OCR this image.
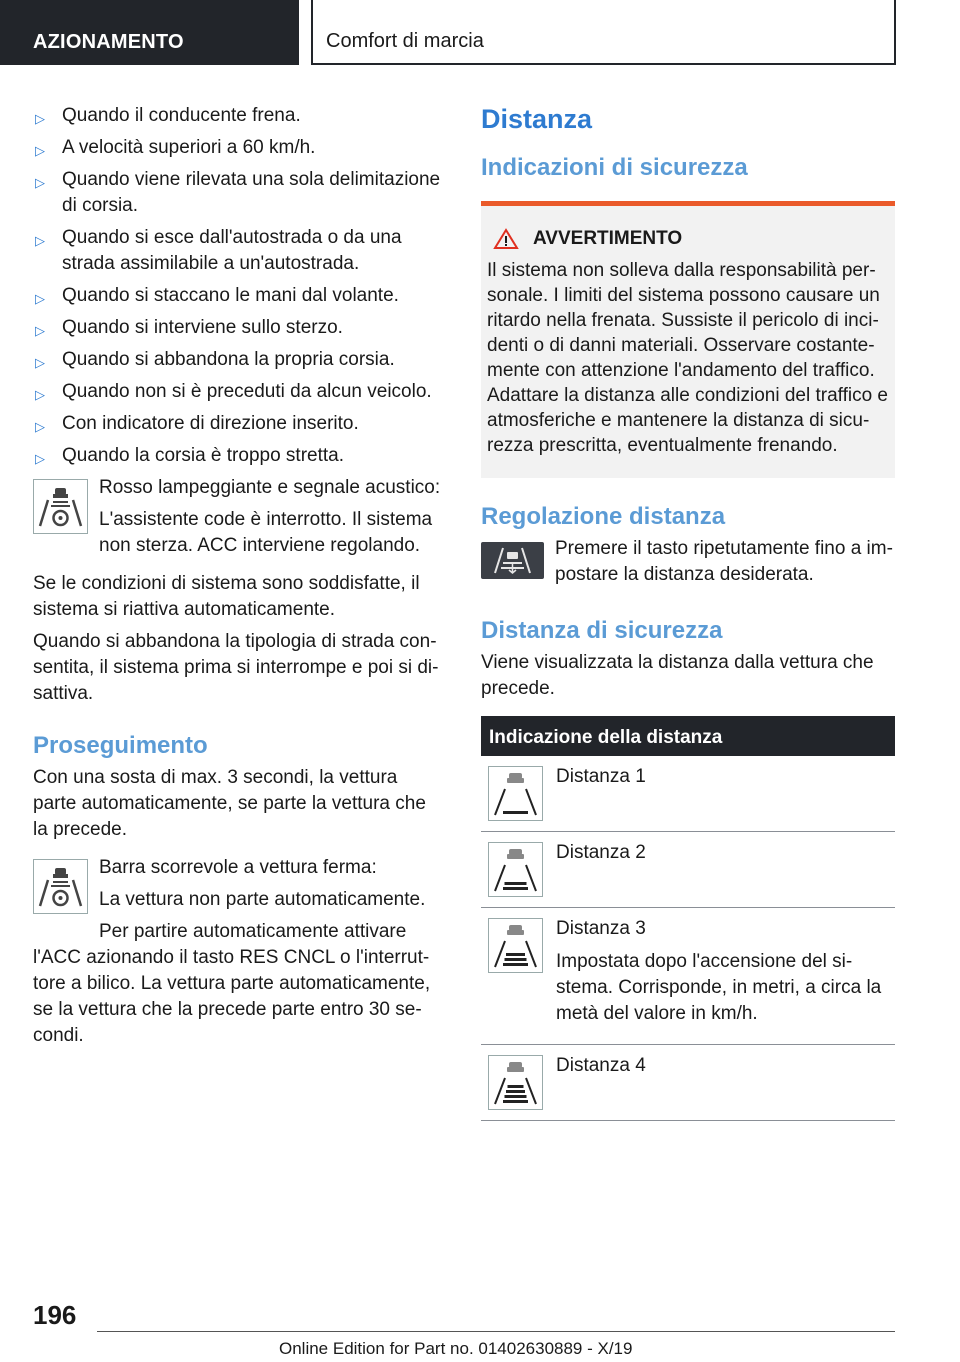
AZIONAMENTO	Comfort di marcia
▷ Quando il conducente frena.
▷ A velocità superiori a 60 km/h.
▷ Quando viene rilevata una sola delimitazione di corsia.
▷ Quando si esce dall'autostrada o da una strada assimilabile a un'autostrada.
▷ Quando si staccano le mani dal volante.
▷ Quando si interviene sullo sterzo.
▷ Quando si abbandona la propria corsia.
▷ Quando non si è preceduti da alcun veicolo.
▷ Con indicatore di direzione inserito.
▷ Quando la corsia è troppo stretta.

Rosso lampeggiante e segnale acustico:

L'assistente code è interrotto. Il sistema non sterza. ACC interviene regolando.

Se le condizioni di sistema sono soddisfatte, il sistema si riattiva automaticamente.

Quando si abbandona la tipologia di strada consentita, il sistema prima si interrompe e poi si disattiva.

Proseguimento

Con una sosta di max. 3 secondi, la vettura parte automaticamente, se parte la vettura che la precede.

Barra scorrevole a vettura ferma:

La vettura non parte automaticamente.

Per partire automaticamente attivare

l'ACC azionando il tasto RES CNCL o l'interruttore a bilico. La vettura parte automaticamente, se la vettura che la precede parte entro 30 secondi.

Distanza
Indicazioni di sicurezza
AVVERTIMENTO
Il sistema non solleva dalla responsabilità personale. I limiti del sistema possono causare un ritardo nella frenata. Sussiste il pericolo di incidenti o di danni materiali. Osservare costantemente con attenzione l'andamento del traffico. Adattare la distanza alle condizioni del traffico e atmosferiche e mantenere la distanza di sicurezza prescritta, eventualmente frenando.
Regolazione distanza

Premere il tasto ripetutamente fino a impostare la distanza desiderata.

Distanza di sicurezza

Viene visualizzata la distanza dalla vettura che precede.

Indicazione della distanza

Distanza 1

Distanza 2

Distanza 3

Impostata dopo l'accensione del sistema. Corrisponde, in metri, a circa la metà del valore in km/h.

Distanza 4

196
Online Edition for Part no. 01402630889 - X/19
